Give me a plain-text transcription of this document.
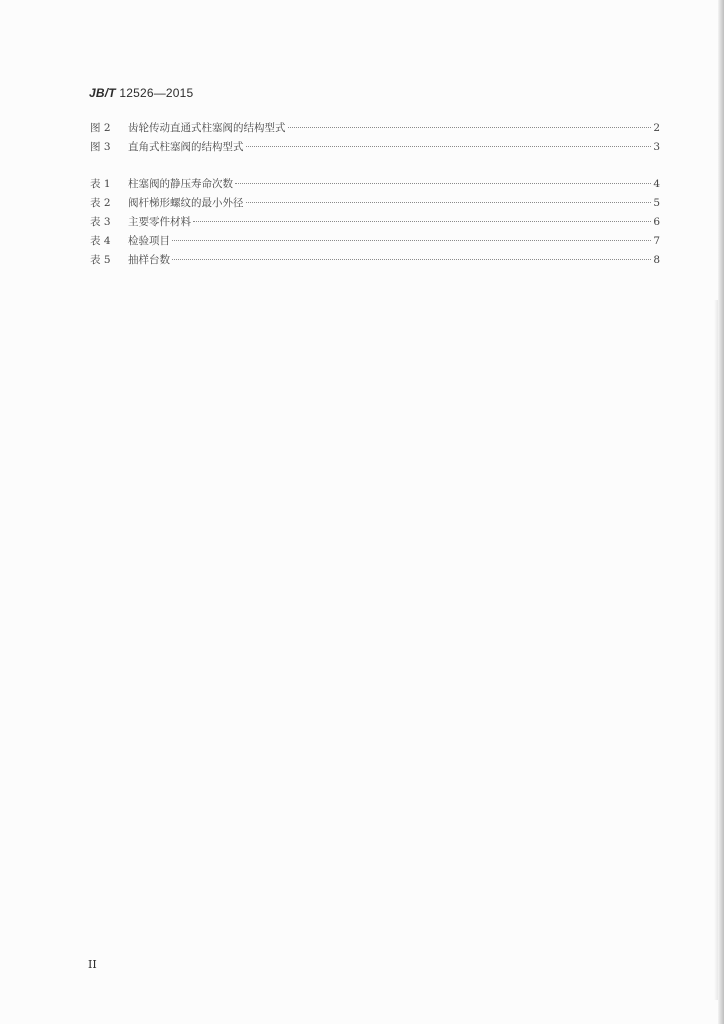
JB/T 12526—2015
图 2	齿轮传动直通式柱塞阀的结构型式	2
图 3	直角式柱塞阀的结构型式	3
表 1	柱塞阀的静压寿命次数	4
表 2	阀杆梯形螺纹的最小外径	5
表 3	主要零件材料	6
表 4	检验项目	7
表 5	抽样台数	8
II
